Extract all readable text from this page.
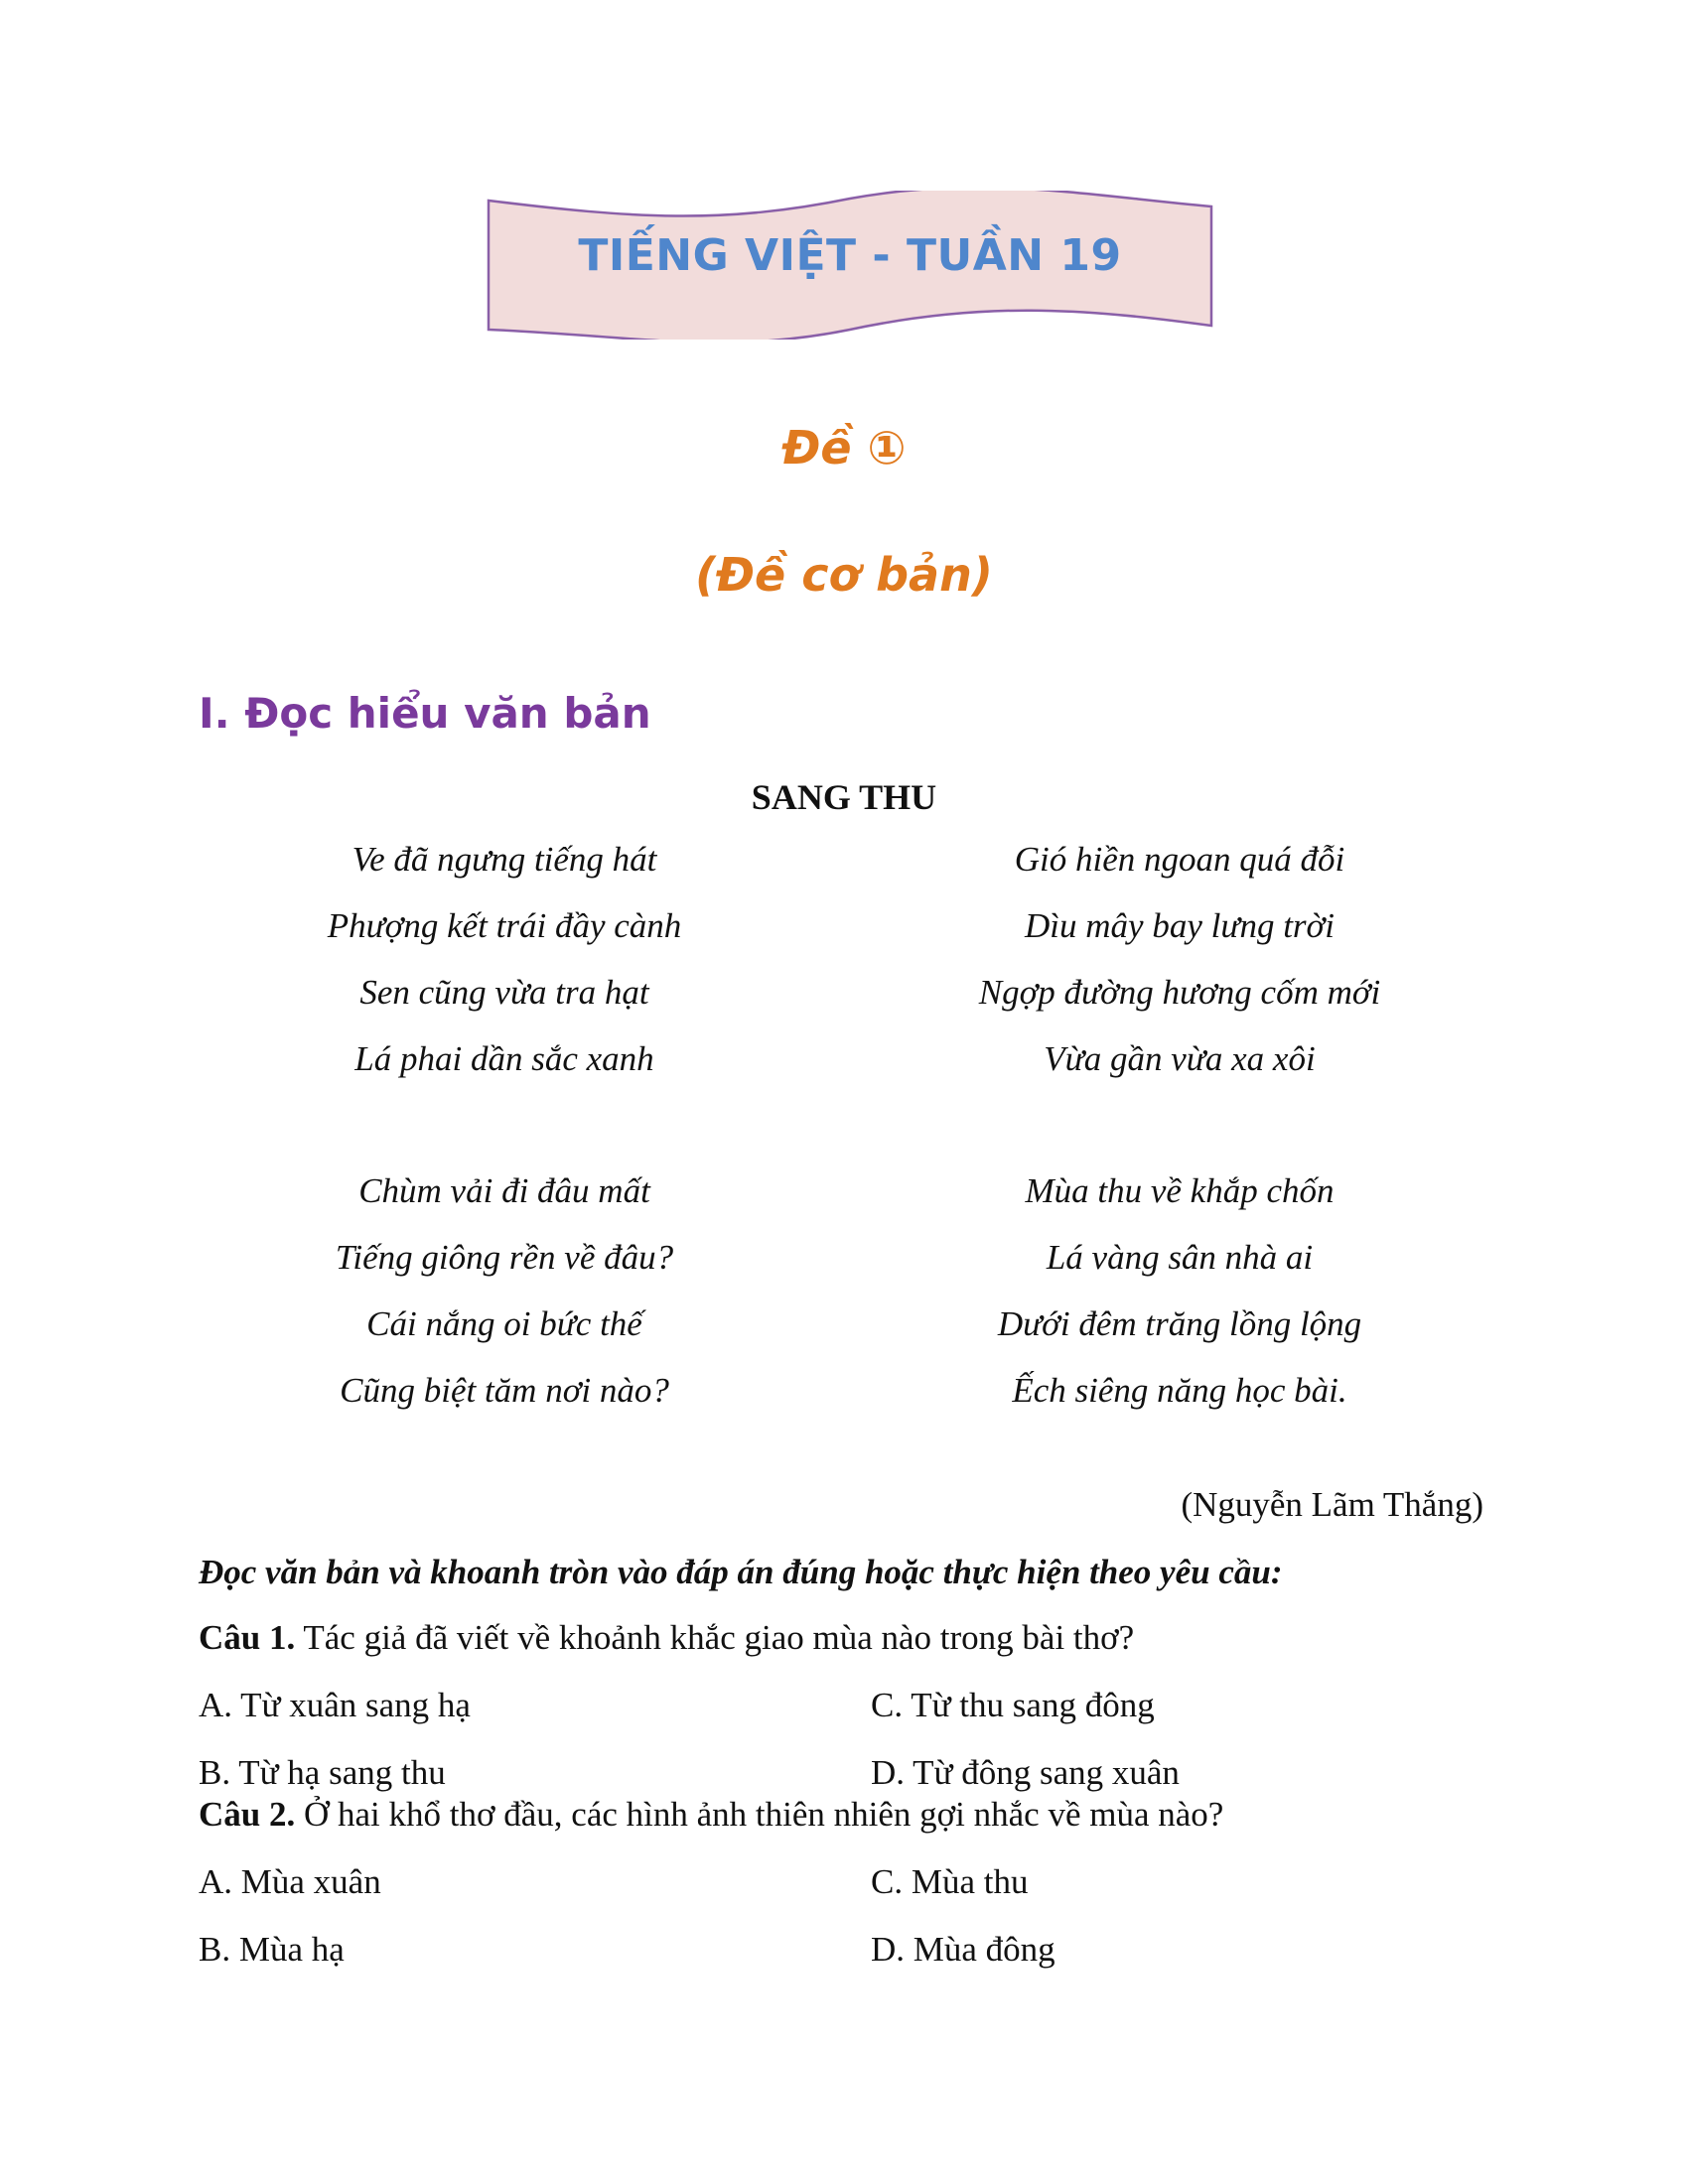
TIẾNG VIỆT - TUẦN 19
Đề ①
(Đề cơ bản)
I. Đọc hiểu văn bản
SANG THU
Ve đã ngưng tiếng hát
Phượng kết trái đầy cành
Sen cũng vừa tra hạt
Lá phai dần sắc xanh
Chùm vải đi đâu mất
Tiếng giông rền về đâu?
Cái nắng oi bức thế
Cũng biệt tăm nơi nào?
Gió hiền ngoan quá đỗi
Dìu mây bay lưng trời
Ngợp đường hương cốm mới
Vừa gần vừa xa xôi
Mùa thu về khắp chốn
Lá vàng sân nhà ai
Dưới đêm trăng lồng lộng
Ếch siêng năng học bài.
(Nguyễn Lãm Thắng)
Đọc văn bản và khoanh tròn vào đáp án đúng hoặc thực hiện theo yêu cầu:
Câu 1. Tác giả đã viết về khoảnh khắc giao mùa nào trong bài thơ?
A. Từ xuân sang hạ	C. Từ thu sang đông
B. Từ hạ sang thu	D. Từ đông sang xuân
Câu 2. Ở hai khổ thơ đầu, các hình ảnh thiên nhiên gợi nhắc về mùa nào?
A. Mùa xuân	C. Mùa thu
B. Mùa hạ	D. Mùa đông
